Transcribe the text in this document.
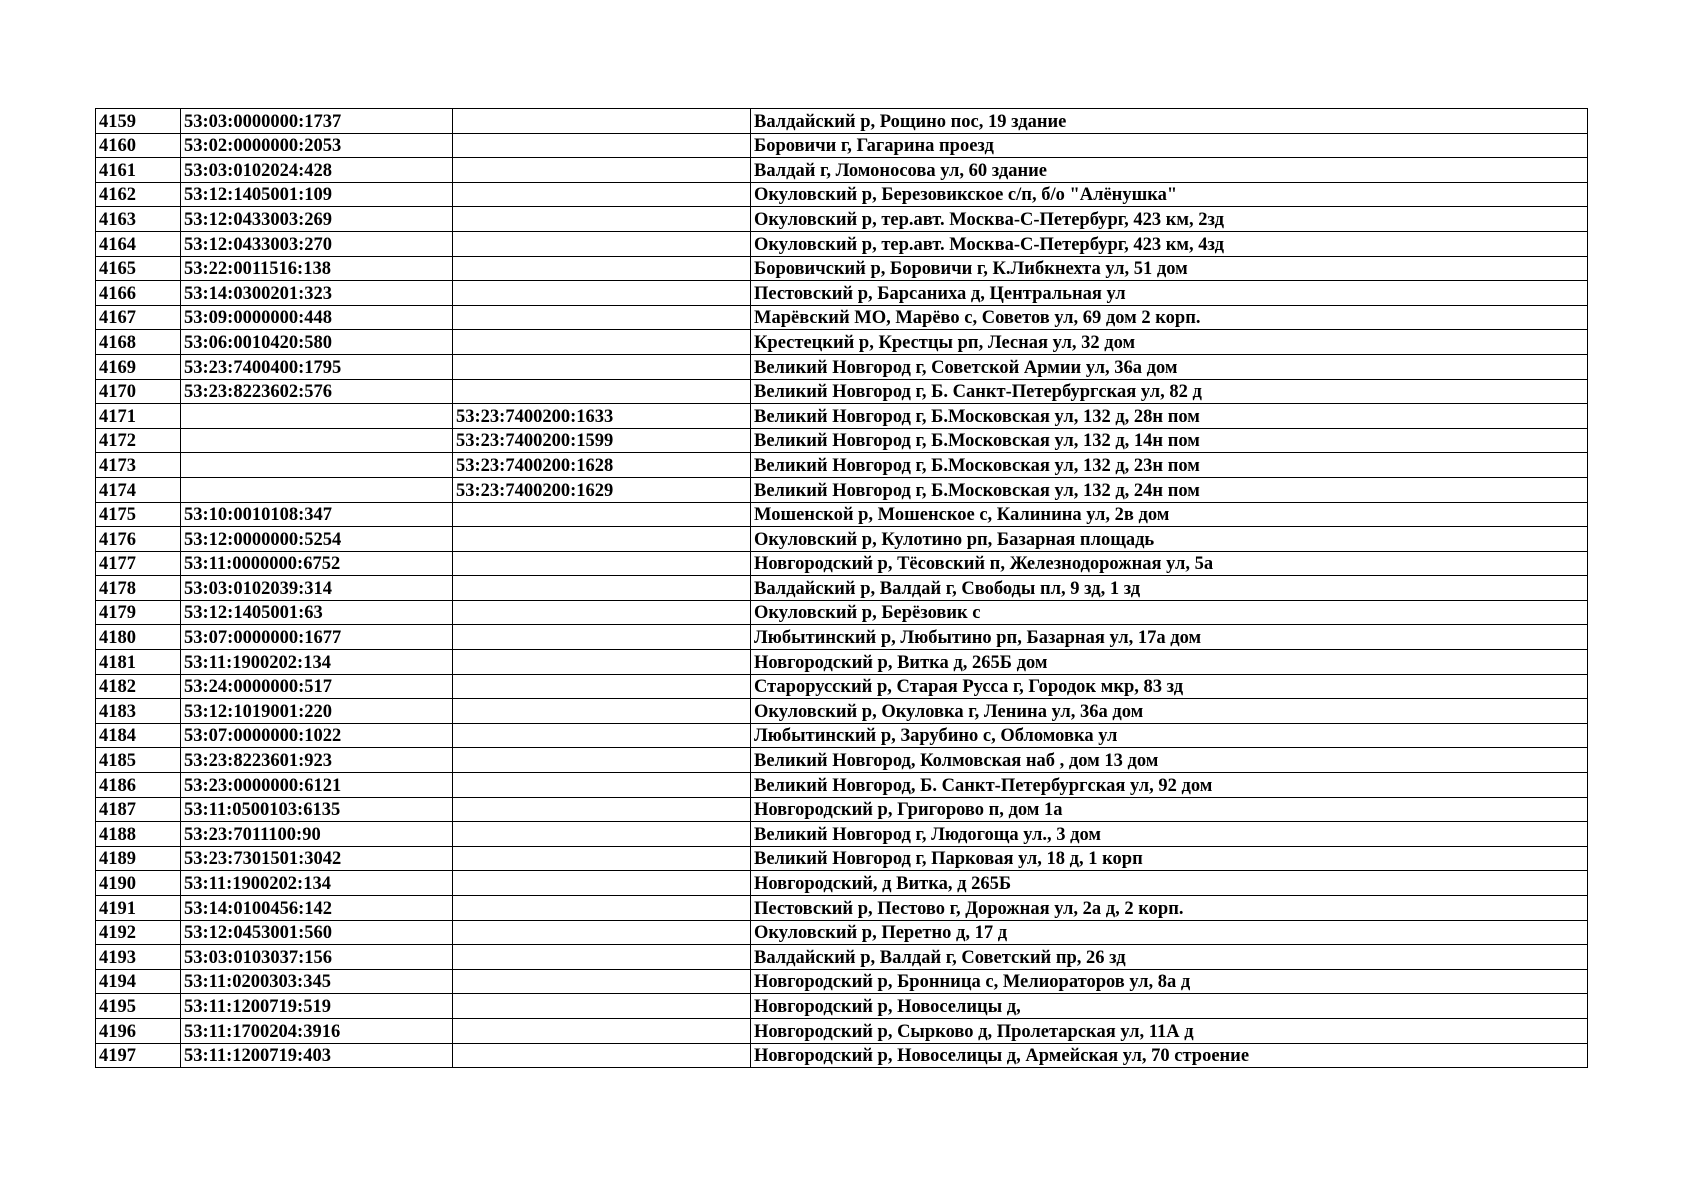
4159	53:03:0000000:1737		Валдайский р, Рощино пос, 19 здание
4160	53:02:0000000:2053		Боровичи г, Гагарина проезд
4161	53:03:0102024:428		Валдай г, Ломоносова ул, 60 здание
4162	53:12:1405001:109		Окуловский р, Березовикское с/п, б/о "Алёнушка"
4163	53:12:0433003:269		Окуловский р, тер.авт. Москва-С-Петербург, 423 км, 2зд
4164	53:12:0433003:270		Окуловский р, тер.авт. Москва-С-Петербург, 423 км, 4зд
4165	53:22:0011516:138		Боровичский р, Боровичи г, К.Либкнехта ул, 51 дом
4166	53:14:0300201:323		Пестовский р, Барсаниха д, Центральная ул
4167	53:09:0000000:448		Марёвский МО, Марёво с, Советов ул, 69 дом 2 корп.
4168	53:06:0010420:580		Крестецкий р, Крестцы рп, Лесная ул, 32 дом
4169	53:23:7400400:1795		Великий Новгород г, Советской Армии ул, 36а дом
4170	53:23:8223602:576		Великий Новгород г, Б. Санкт-Петербургская ул, 82 д
4171		53:23:7400200:1633	Великий Новгород г, Б.Московская ул, 132 д, 28н пом
4172		53:23:7400200:1599	Великий Новгород г, Б.Московская ул, 132 д, 14н пом
4173		53:23:7400200:1628	Великий Новгород г, Б.Московская ул, 132 д, 23н пом
4174		53:23:7400200:1629	Великий Новгород г, Б.Московская ул, 132 д, 24н пом
4175	53:10:0010108:347		Мошенской р, Мошенское с, Калинина ул, 2в дом
4176	53:12:0000000:5254		Окуловский р, Кулотино рп, Базарная площадь
4177	53:11:0000000:6752		Новгородский р, Тёсовский п, Железнодорожная ул, 5а
4178	53:03:0102039:314		Валдайский р, Валдай г, Свободы пл, 9 зд, 1 зд
4179	53:12:1405001:63		Окуловский р, Берёзовик с
4180	53:07:0000000:1677		Любытинский р, Любытино рп, Базарная ул, 17а дом
4181	53:11:1900202:134		Новгородский р, Витка д, 265Б дом
4182	53:24:0000000:517		Старорусский р, Старая Русса г, Городок мкр, 83 зд
4183	53:12:1019001:220		Окуловский р, Окуловка г, Ленина ул, 36а дом
4184	53:07:0000000:1022		Любытинский р, Зарубино с, Обломовка ул
4185	53:23:8223601:923		Великий Новгород, Колмовская наб , дом 13 дом
4186	53:23:0000000:6121		Великий Новгород, Б. Санкт-Петербургская ул, 92 дом
4187	53:11:0500103:6135		Новгородский р, Григорово п, дом 1а
4188	53:23:7011100:90		Великий Новгород г, Людогоща ул., 3 дом
4189	53:23:7301501:3042		Великий Новгород г, Парковая ул, 18 д, 1 корп
4190	53:11:1900202:134		Новгородский, д Витка, д 265Б
4191	53:14:0100456:142		Пестовский р, Пестово г, Дорожная ул, 2а д, 2 корп.
4192	53:12:0453001:560		Окуловский р, Перетно д, 17 д
4193	53:03:0103037:156		Валдайский р, Валдай г, Советский пр, 26 зд
4194	53:11:0200303:345		Новгородский р, Бронница с, Мелиораторов ул, 8а д
4195	53:11:1200719:519		Новгородский р, Новоселицы д,
4196	53:11:1700204:3916		Новгородский р, Сырково д, Пролетарская ул, 11А д
4197	53:11:1200719:403		Новгородский р, Новоселицы д, Армейская ул, 70 строение
